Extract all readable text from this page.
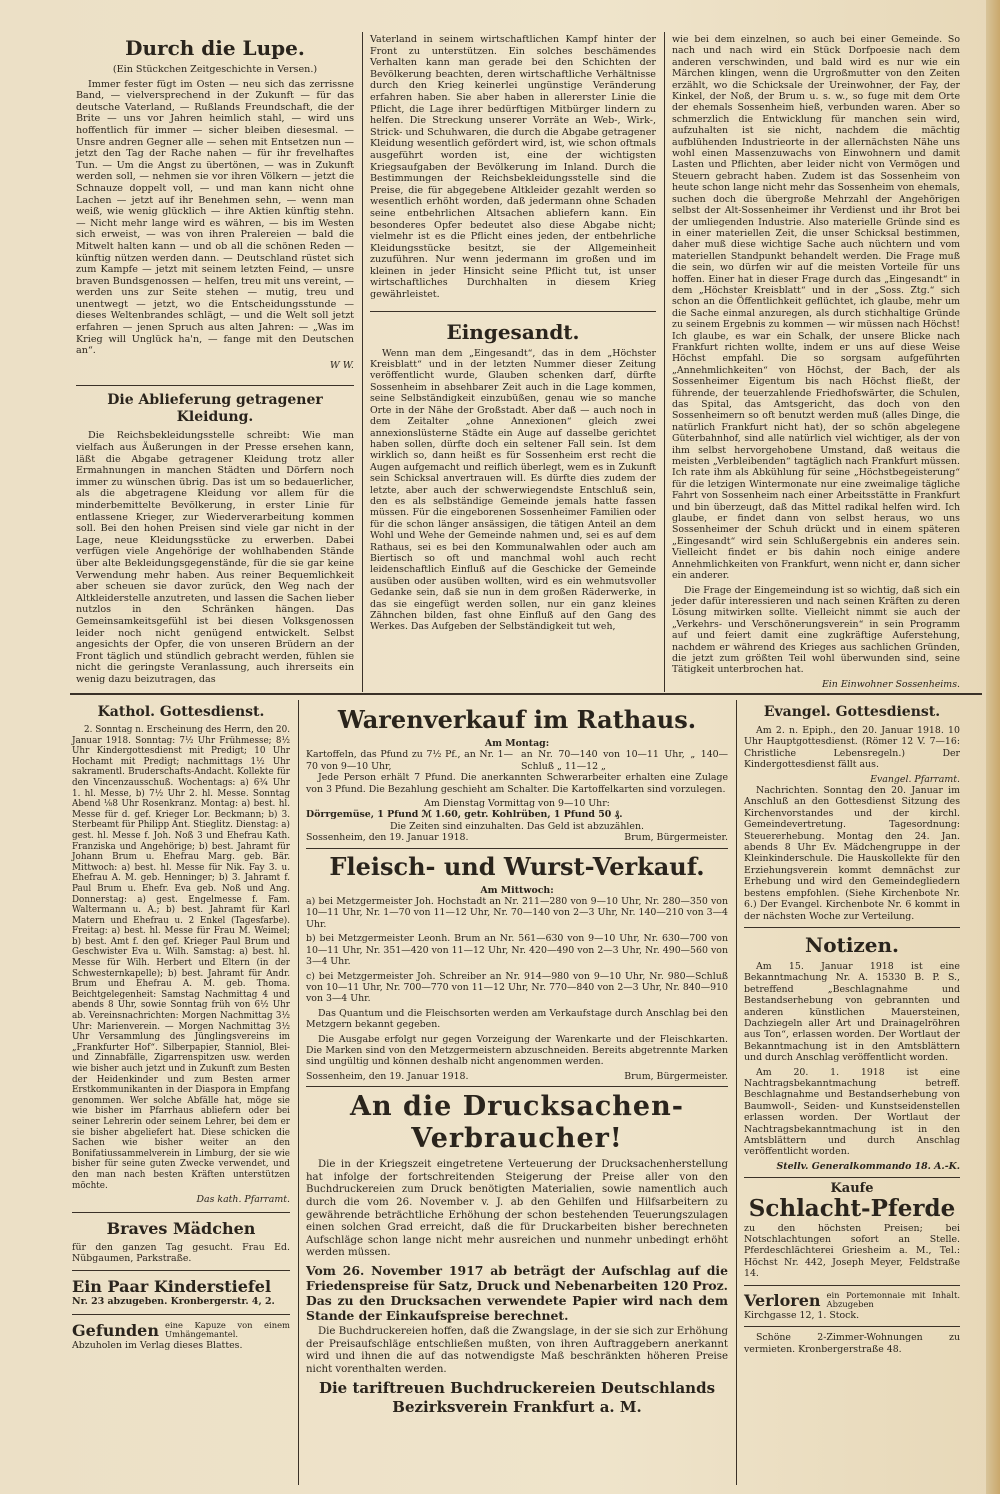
Durch die Lupe.
(Ein Stückchen Zeitgeschichte in Versen.)

Immer fester fügt im Osten — neu sich das zerrissne Band, — vielversprechend in der Zukunft — für das deutsche Vaterland, — Rußlands Freundschaft, die der Brite — uns vor Jahren heimlich stahl, — wird uns hoffentlich für immer — sicher bleiben diesesmal. — Unsre andren Gegner alle — sehen mit Entsetzen nun — jetzt den Tag der Rache nahen — für ihr frevelhaftes Tun. — Um die Angst zu übertönen, — was in Zukunft werden soll, — nehmen sie vor ihren Völkern — jetzt die Schnauze doppelt voll, — und man kann nicht ohne Lachen — jetzt auf ihr Benehmen sehn, — wenn man weiß, wie wenig glücklich — ihre Aktien künftig stehn. — Nicht mehr lange wird es währen, — bis im Westen sich erweist, — was von ihren Pralereien — bald die Mitwelt halten kann — und ob all die schönen Reden — künftig nützen werden dann. — Deutschland rüstet sich zum Kampfe — jetzt mit seinem letzten Feind, — unsre braven Bundsgenossen — helfen, treu mit uns vereint, — werden uns zur Seite stehen — mutig, treu und unentwegt — jetzt, wo die Entscheidungsstunde — dieses Weltenbrandes schlägt, — und die Welt soll jetzt erfahren — jenen Spruch aus alten Jahren: — „Was im Krieg will Unglück ha'n, — fange mit den Deutschen an“.

W W.
Die Ablieferung getragener Kleidung.

Die Reichsbekleidungsstelle schreibt: Wie man vielfach aus Äußerungen in der Presse ersehen kann, läßt die Abgabe getragener Kleidung trotz aller Ermahnungen in manchen Städten und Dörfern noch immer zu wünschen übrig. Das ist um so bedauerlicher, als die abgetragene Kleidung vor allem für die minderbemittelte Bevölkerung, in erster Linie für entlassene Krieger, zur Wiederverarbeitung kommen soll. Bei den hohen Preisen sind viele gar nicht in der Lage, neue Kleidungsstücke zu erwerben. Dabei verfügen viele Angehörige der wohlhabenden Stände über alte Bekleidungsgegenstände, für die sie gar keine Verwendung mehr haben. Aus reiner Bequemlichkeit aber scheuen sie davor zurück, den Weg nach der Altkleiderstelle anzutreten, und lassen die Sachen lieber nutzlos in den Schränken hängen. Das Gemeinsamkeitsgefühl ist bei diesen Volksgenossen leider noch nicht genügend entwickelt. Selbst angesichts der Opfer, die von unseren Brüdern an der Front täglich und stündlich gebracht werden, fühlen sie nicht die geringste Veranlassung, auch ihrerseits ein wenig dazu beizutragen, das

Vaterland in seinem wirtschaftlichen Kampf hinter der Front zu unterstützen. Ein solches beschämendes Verhalten kann man gerade bei den Schichten der Bevölkerung beachten, deren wirtschaftliche Verhältnisse durch den Krieg keinerlei ungünstige Veränderung erfahren haben. Sie aber haben in allererster Linie die Pflicht, die Lage ihrer bedürftigen Mitbürger lindern zu helfen. Die Streckung unserer Vorräte an Web-, Wirk-, Strick- und Schuhwaren, die durch die Abgabe getragener Kleidung wesentlich gefördert wird, ist, wie schon oftmals ausgeführt worden ist, eine der wichtigsten Kriegsaufgaben der Bevölkerung im Inland. Durch die Bestimmungen der Reichsbekleidungsstelle sind die Preise, die für abgegebene Altkleider gezahlt werden so wesentlich erhöht worden, daß jedermann ohne Schaden seine entbehrlichen Altsachen abliefern kann. Ein besonderes Opfer bedeutet also diese Abgabe nicht; vielmehr ist es die Pflicht eines jeden, der entbehrliche Kleidungsstücke besitzt, sie der Allgemeinheit zuzuführen. Nur wenn jedermann im großen und im kleinen in jeder Hinsicht seine Pflicht tut, ist unser wirtschaftliches Durchhalten in diesem Krieg gewährleistet.

Eingesandt.

Wenn man dem „Eingesandt“, das in dem „Höchster Kreisblatt“ und in der letzten Nummer dieser Zeitung veröffentlicht wurde, Glauben schenken darf, dürfte Sossenheim in absehbarer Zeit auch in die Lage kommen, seine Selbständigkeit einzubüßen, genau wie so manche Orte in der Nähe der Großstadt. Aber daß — auch noch in dem Zeitalter „ohne Annexionen“ gleich zwei annexionslüsterne Städte ein Auge auf dasselbe gerichtet haben sollen, dürfte doch ein seltener Fall sein. Ist dem wirklich so, dann heißt es für Sossenheim erst recht die Augen aufgemacht und reiflich überlegt, wem es in Zukunft sein Schicksal anvertrauen will. Es dürfte dies zudem der letzte, aber auch der schwerwiegendste Entschluß sein, den es als selbständige Gemeinde jemals hatte fassen müssen. Für die eingeborenen Sossenheimer Familien oder für die schon länger ansässigen, die tätigen Anteil an dem Wohl und Wehe der Gemeinde nahmen und, sei es auf dem Rathaus, sei es bei den Kommunalwahlen oder auch am Biertisch so oft und manchmal wohl auch recht leidenschaftlich Einfluß auf die Geschicke der Gemeinde ausüben oder ausüben wollten, wird es ein wehmutsvoller Gedanke sein, daß sie nun in dem großen Räderwerke, in das sie eingefügt werden sollen, nur ein ganz kleines Zähnchen bilden, fast ohne Einfluß auf den Gang des Werkes. Das Aufgeben der Selbständigkeit tut weh,

wie bei dem einzelnen, so auch bei einer Gemeinde. So nach und nach wird ein Stück Dorfpoesie nach dem anderen verschwinden, und bald wird es nur wie ein Märchen klingen, wenn die Urgroßmutter von den Zeiten erzählt, wo die Schicksale der Ureinwohner, der Fay, der Kinkel, der Noß, der Brum u. s. w., so fuge mit dem Orte der ehemals Sossenheim hieß, verbunden waren. Aber so schmerzlich die Entwicklung für manchen sein wird, aufzuhalten ist sie nicht, nachdem die mächtig aufblühenden Industrieorte in der allernächsten Nähe uns wohl einen Massenzuwachs von Einwohnern und damit Lasten und Pflichten, aber leider nicht von Vermögen und Steuern gebracht haben. Zudem ist das Sossenheim von heute schon lange nicht mehr das Sossenheim von ehemals, suchen doch die übergroße Mehrzahl der Angehörigen selbst der Alt-Sossenheimer ihr Verdienst und ihr Brot bei der umliegenden Industrie. Also materielle Gründe sind es in einer materiellen Zeit, die unser Schicksal bestimmen, daher muß diese wichtige Sache auch nüchtern und vom materiellen Standpunkt behandelt werden. Die Frage muß die sein, wo dürfen wir auf die meisten Vorteile für uns hoffen. Einer hat in dieser Frage durch das „Eingesandt“ in dem „Höchster Kreisblatt“ und in der „Soss. Ztg.“ sich schon an die Öffentlichkeit geflüchtet, ich glaube, mehr um die Sache einmal anzuregen, als durch stichhaltige Gründe zu seinem Ergebnis zu kommen — wir müssen nach Höchst! Ich glaube, es war ein Schalk, der unsere Blicke nach Frankfurt richten wollte, indem er uns auf diese Weise Höchst empfahl. Die so sorgsam aufgeführten „Annehmlichkeiten“ von Höchst, der Bach, der als Sossenheimer Eigentum bis nach Höchst fließt, der führende, der teuerzahlende Friedhofswärter, die Schulen, das Spital, das Amtsgericht, das doch von den Sossenheimern so oft benutzt werden muß (alles Dinge, die natürlich Frankfurt nicht hat), der so schön abgelegene Güterbahnhof, sind alle natürlich viel wichtiger, als der von ihm selbst hervorgehobene Umstand, daß weitaus die meisten „Verbleibenden“ tagtäglich nach Frankfurt müssen. Ich rate ihm als Abkühlung für seine „Höchstbegeisterung“ für die letzigen Wintermonate nur eine zweimalige tägliche Fahrt von Sossenheim nach einer Arbeitsstätte in Frankfurt und bin überzeugt, daß das Mittel radikal helfen wird. Ich glaube, er findet dann von selbst heraus, wo uns Sossenheimer der Schuh drückt und in einem späteren „Eingesandt“ wird sein Schlußergebnis ein anderes sein. Vielleicht findet er bis dahin noch einige andere Annehmlichkeiten von Frankfurt, wenn nicht er, dann sicher ein anderer.

Die Frage der Eingemeindung ist so wichtig, daß sich ein jeder dafür interessieren und nach seinen Kräften zu deren Lösung mitwirken sollte. Vielleicht nimmt sie auch der „Verkehrs- und Verschönerungsverein“ in sein Programm auf und feiert damit eine zugkräftige Auferstehung, nachdem er während des Krieges aus sachlichen Gründen, die jetzt zum größten Teil wohl überwunden sind, seine Tätigkeit unterbrochen hat.

Ein Einwohner Sossenheims.
Kathol. Gottesdienst.

2. Sonntag n. Erscheinung des Herrn, den 20. Januar 1918. Sonntag: 7½ Uhr Frühmesse; 8½ Uhr Kindergottesdienst mit Predigt; 10 Uhr Hochamt mit Predigt; nachmittags 1½ Uhr sakramentl. Bruderschafts-Andacht. Kollekte für den Vincenzausschuß. Wochentags: a) 6¾ Uhr 1. hl. Messe, b) 7½ Uhr 2. hl. Messe. Sonntag Abend ⅛8 Uhr Rosenkranz. Montag: a) best. hl. Messe für d. gef. Krieger Lor. Beckmann; b) 3. Sterbeamt für Philipp Ant. Stieglitz. Dienstag: a) gest. hl. Messe f. Joh. Noß 3 und Ehefrau Kath. Franziska und Angehörige; b) best. Jahramt für Johann Brum u. Ehefrau Marg. geb. Bär. Mittwoch: a) best. hl. Messe für Nik. Fay 3. u. Ehefrau A. M. geb. Henninger; b) 3. Jahramt f. Paul Brum u. Ehefr. Eva geb. Noß und Ang. Donnerstag: a) gest. Engelmesse f. Fam. Waltermann u. A.; b) best. Jahramt für Karl Matern und Ehefrau u. 2 Enkel (Tagesfarbe). Freitag: a) best. hl. Messe für Frau M. Weimel; b) best. Amt f. den gef. Krieger Paul Brum und Geschwister Eva u. Wilh. Samstag: a) best. hl. Messe für Wilh. Herbert und Eltern (in der Schwesternkapelle); b) best. Jahramt für Andr. Brum und Ehefrau A. M. geb. Thoma. Beichtgelegenheit: Samstag Nachmittag 4 und abends 8 Uhr, sowie Sonntag früh von 6½ Uhr ab. Vereinsnachrichten: Morgen Nachmittag 3½ Uhr: Marienverein. — Morgen Nachmittag 3½ Uhr Versammlung des Jünglingsvereins im „Frankfurter Hof“. Silberpapier, Stanniol, Blei- und Zinnabfälle, Zigarrenspitzen usw. werden wie bisher auch jetzt und in Zukunft zum Besten der Heidenkinder und zum Besten armer Erstkommunikanten in der Diaspora in Empfang genommen. Wer solche Abfälle hat, möge sie wie bisher im Pfarrhaus abliefern oder bei seiner Lehrerin oder seinem Lehrer, bei dem er sie bisher abgeliefert hat. Diese schicken die Sachen wie bisher weiter an den Bonifatiussammelverein in Limburg, der sie wie bisher für seine guten Zwecke verwendet, und den man nach besten Kräften unterstützen möchte.

Das kath. Pfarramt.
Braves Mädchen
für den ganzen Tag gesucht. Frau Ed. Nübgaumen, Parkstraße.
Ein Paar Kinderstiefel
Nr. 23 abzugeben. Kronbergerstr. 4, 2.
Gefunden eine Kapuze von einem Umhängemantel.
Abzuholen im Verlag dieses Blattes.
Warenverkauf im Rathaus.
Am Montag:
Kartoffeln, das Pfund zu 7½ Pf., an Nr. 1—70 von 9—10 Uhr,
an Nr. 70—140 von 10—11 Uhr, „ 140—Schluß „ 11—12 „

Jede Person erhält 7 Pfund. Die anerkannten Schwerarbeiter erhalten eine Zulage von 3 Pfund. Die Bezahlung geschieht am Schalter. Die Kartoffelkarten sind vorzulegen.

Am Dienstag Vormittag von 9—10 Uhr:
Dörrgemüse, 1 Pfund ℳ 1.60, getr. Kohlrüben, 1 Pfund 50 ₰.
Die Zeiten sind einzuhalten. Das Geld ist abzuzählen.
Sossenheim, den 19. Januar 1918.	Brum, Bürgermeister.
Fleisch- und Wurst-Verkauf.
Am Mittwoch:

a) bei Metzgermeister Joh. Hochstadt an Nr. 211—280 von 9—10 Uhr, Nr. 280—350 von 10—11 Uhr, Nr. 1—70 von 11—12 Uhr, Nr. 70—140 von 2—3 Uhr, Nr. 140—210 von 3—4 Uhr.

b) bei Metzgermeister Leonh. Brum an Nr. 561—630 von 9—10 Uhr, Nr. 630—700 von 10—11 Uhr, Nr. 351—420 von 11—12 Uhr, Nr. 420—490 von 2—3 Uhr, Nr. 490—560 von 3—4 Uhr.

c) bei Metzgermeister Joh. Schreiber an Nr. 914—980 von 9—10 Uhr, Nr. 980—Schluß von 10—11 Uhr, Nr. 700—770 von 11—12 Uhr, Nr. 770—840 von 2—3 Uhr, Nr. 840—910 von 3—4 Uhr.

Das Quantum und die Fleischsorten werden am Verkaufstage durch Anschlag bei den Metzgern bekannt gegeben.

Die Ausgabe erfolgt nur gegen Vorzeigung der Warenkarte und der Fleischkarten. Die Marken sind von den Metzgermeistern abzuschneiden. Bereits abgetrennte Marken sind ungültig und können deshalb nicht angenommen werden.

Sossenheim, den 19. Januar 1918.	Brum, Bürgermeister.
An die Drucksachen-Verbraucher!

Die in der Kriegszeit eingetretene Verteuerung der Drucksachenherstellung hat infolge der fortschreitenden Steigerung der Preise aller von den Buchdruckereien zum Druck benötigten Materialien, sowie namentlich auch durch die vom 26. November v. J. ab den Gehilfen und Hilfsarbeitern zu gewährende beträchtliche Erhöhung der schon bestehenden Teuerungszulagen einen solchen Grad erreicht, daß die für Druckarbeiten bisher berechneten Aufschläge schon lange nicht mehr ausreichen und nunmehr unbedingt erhöht werden müssen.

Vom 26. November 1917 ab beträgt der Aufschlag auf die Friedenspreise für Satz, Druck und Nebenarbeiten 120 Proz. Das zu den Drucksachen verwendete Papier wird nach dem Stande der Einkaufspreise berechnet.

Die Buchdruckereien hoffen, daß die Zwangslage, in der sie sich zur Erhöhung der Preisaufschläge entschließen mußten, von ihren Auftraggebern anerkannt wird und ihnen die auf das notwendigste Maß beschränkten höheren Preise nicht vorenthalten werden.

Die tariftreuen Buchdruckereien Deutschlands
Bezirksverein Frankfurt a. M.
Evangel. Gottesdienst.

Am 2. n. Epiph., den 20. Januar 1918. 10 Uhr Hauptgottesdienst. (Römer 12 V. 7—16: Christliche Lebensregeln.) Der Kindergottesdienst fällt aus.

Evangel. Pfarramt.

Nachrichten. Sonntag den 20. Januar im Anschluß an den Gottesdienst Sitzung des Kirchenvorstandes und der kirchl. Gemeindevertretung. Tagesordnung: Steuererhebung. Montag den 24. Jan. abends 8 Uhr Ev. Mädchengruppe in der Kleinkinderschule. Die Hauskollekte für den Erziehungsverein kommt demnächst zur Erhebung und wird den Gemeindegliedern bestens empfohlen. (Siehe Kirchenbote Nr. 6.) Der Evangel. Kirchenbote Nr. 6 kommt in der nächsten Woche zur Verteilung.

Notizen.

Am 15. Januar 1918 ist eine Bekanntmachung Nr. A. 15330 B. P. S., betreffend „Beschlagnahme und Bestandserhebung von gebrannten und anderen künstlichen Mauersteinen, Dachziegeln aller Art und Drainagelröhren aus Ton“, erlassen worden. Der Wortlaut der Bekanntmachung ist in den Amtsblättern und durch Anschlag veröffentlicht worden.

Am 20. 1. 1918 ist eine Nachtragsbekanntmachung betreff. Beschlagnahme und Bestandserhebung von Baumwoll-, Seiden- und Kunstseidenstellen erlassen worden. Der Wortlaut der Nachtragsbekanntmachung ist in den Amtsblättern und durch Anschlag veröffentlicht worden.

Stellv. Generalkommando 18. A.-K.
Kaufe
Schlacht-Pferde

zu den höchsten Preisen; bei Notschlachtungen sofort an Stelle. Pferdeschlächterei Griesheim a. M., Tel.: Höchst Nr. 442, Joseph Meyer, Feldstraße 14.

Verloren ein Portemonnaie mit Inhalt. Abzugeben
Kirchgasse 12, 1. Stock.

Schöne 2-Zimmer-Wohnungen zu vermieten. Kronbergerstraße 48.
